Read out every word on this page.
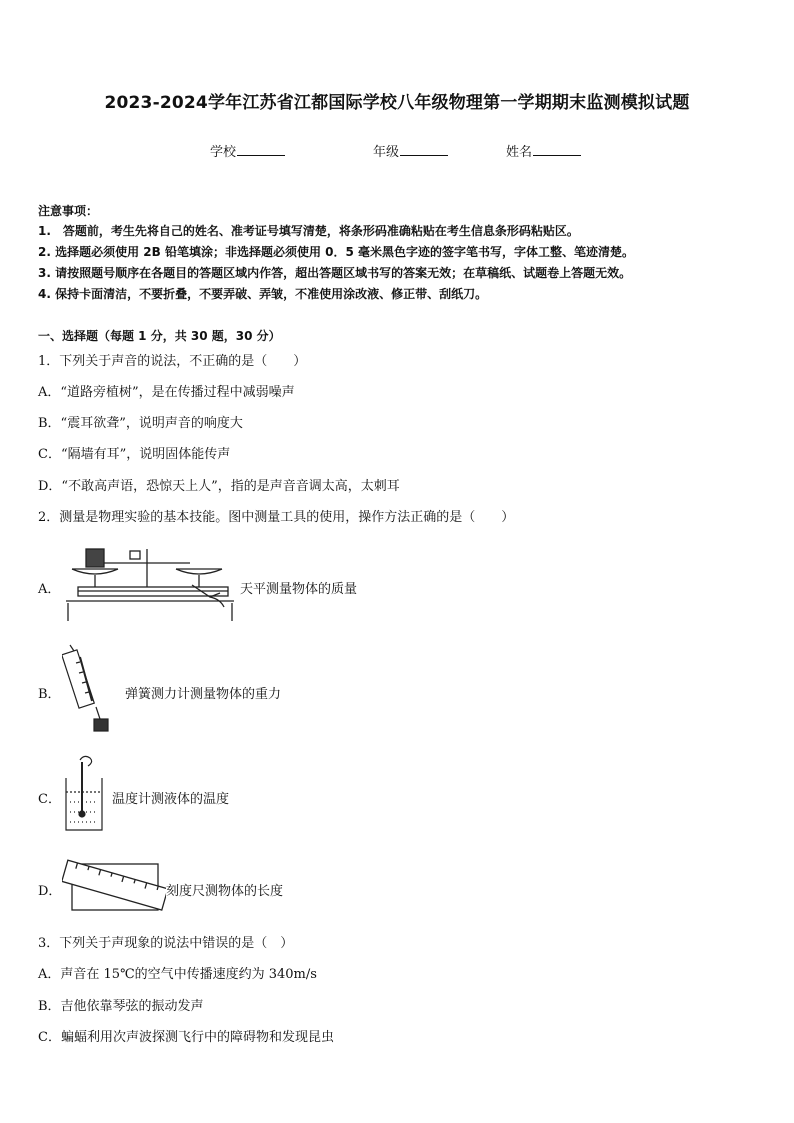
2023-2024学年江苏省江都国际学校八年级物理第一学期期末监测模拟试题
学校	年级	姓名
注意事项：
1.　答题前，考生先将自己的姓名、准考证号填写清楚，将条形码准确粘贴在考生信息条形码粘贴区。
2. 选择题必须使用 2B 铅笔填涂；非选择题必须使用 0．5 毫米黑色字迹的签字笔书写，字体工整、笔迹清楚。
3. 请按照题号顺序在各题目的答题区域内作答，超出答题区域书写的答案无效；在草稿纸、试题卷上答题无效。
4. 保持卡面清洁，不要折叠，不要弄破、弄皱，不准使用涂改液、修正带、刮纸刀。
一、选择题（每题 1 分，共 30 题，30 分）
1．下列关于声音的说法，不正确的是（　　）
A．“道路旁植树”，是在传播过程中减弱噪声
B．“震耳欲聋”，说明声音的响度大
C．“隔墙有耳”，说明固体能传声
D．“不敢高声语，恐惊天上人”，指的是声音音调太高，太刺耳
2．测量是物理实验的基本技能。图中测量工具的使用，操作方法正确的是（　　）
A．	天平测量物体的质量
B．	弹簧测力计测量物体的重力
C．	温度计测液体的温度
D．	刻度尺测物体的长度
3．下列关于声现象的说法中错误的是（　）
A．声音在 15℃的空气中传播速度约为 340m/s
B．吉他依靠琴弦的振动发声
C．蝙蝠利用次声波探测飞行中的障碍物和发现昆虫
